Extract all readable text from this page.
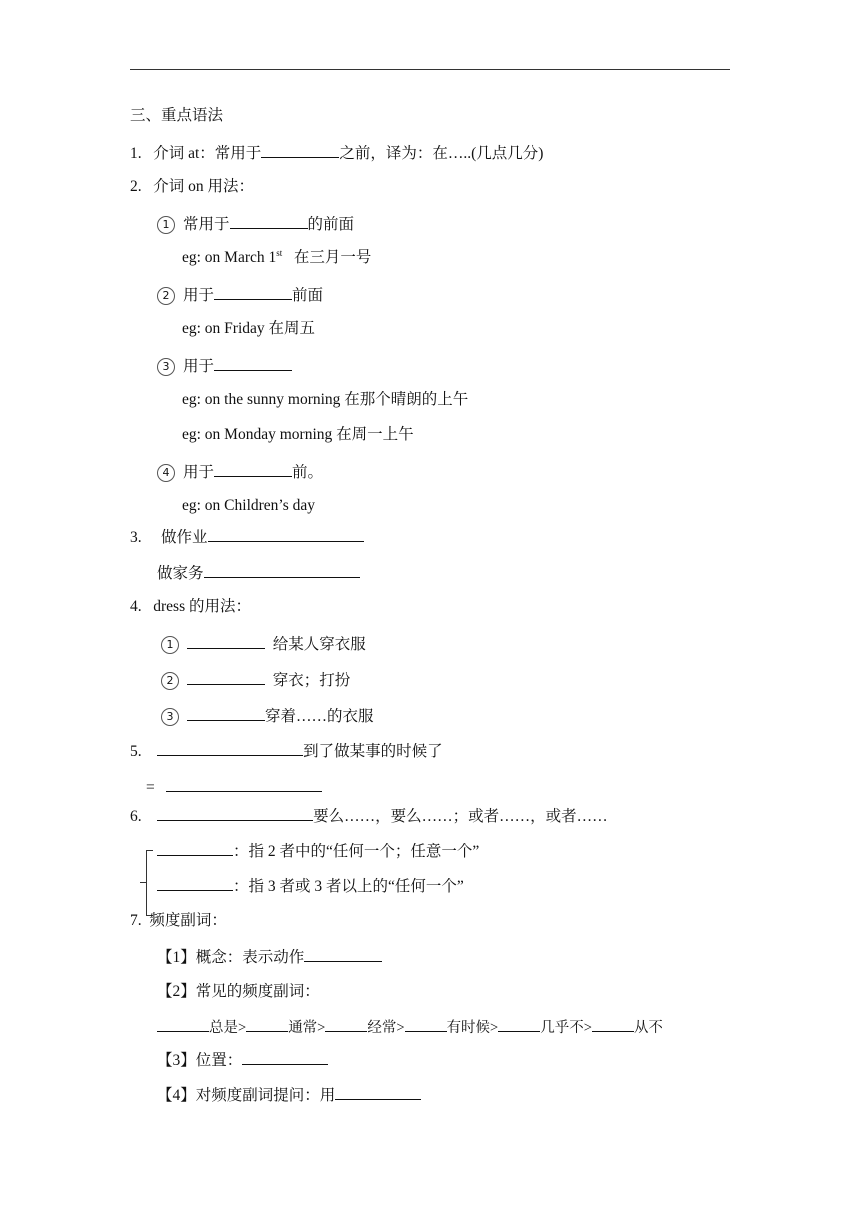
三、重点语法
1. 介词 at：常用于	之前，译为：在…..(几点几分)
2. 介词 on 用法：
1 常用于	的前面
eg: on March 1st   在三月一号
2 用于	前面
eg: on Friday 在周五
3 用于
eg: on the sunny morning 在那个晴朗的上午
eg: on Monday morning 在周一上午
4 用于	前。
eg: on Children’s day
3. 做作业
做家务
4. dress 的用法：
1	给某人穿衣服
2	穿衣；打扮
3	穿着……的衣服
5.	到了做某事的时候了
=
6.	要么……，要么……；或者……，或者……
：指 2 者中的“任何一个；任意一个”
：指 3 者或 3 者以上的“任何一个”
7. 频度副词：
【1】概念：表示动作
【2】常见的频度副词：
总是>	通常>	经常>	有时候>	几乎不>	从不
【3】位置：
【4】对频度副词提问：用
